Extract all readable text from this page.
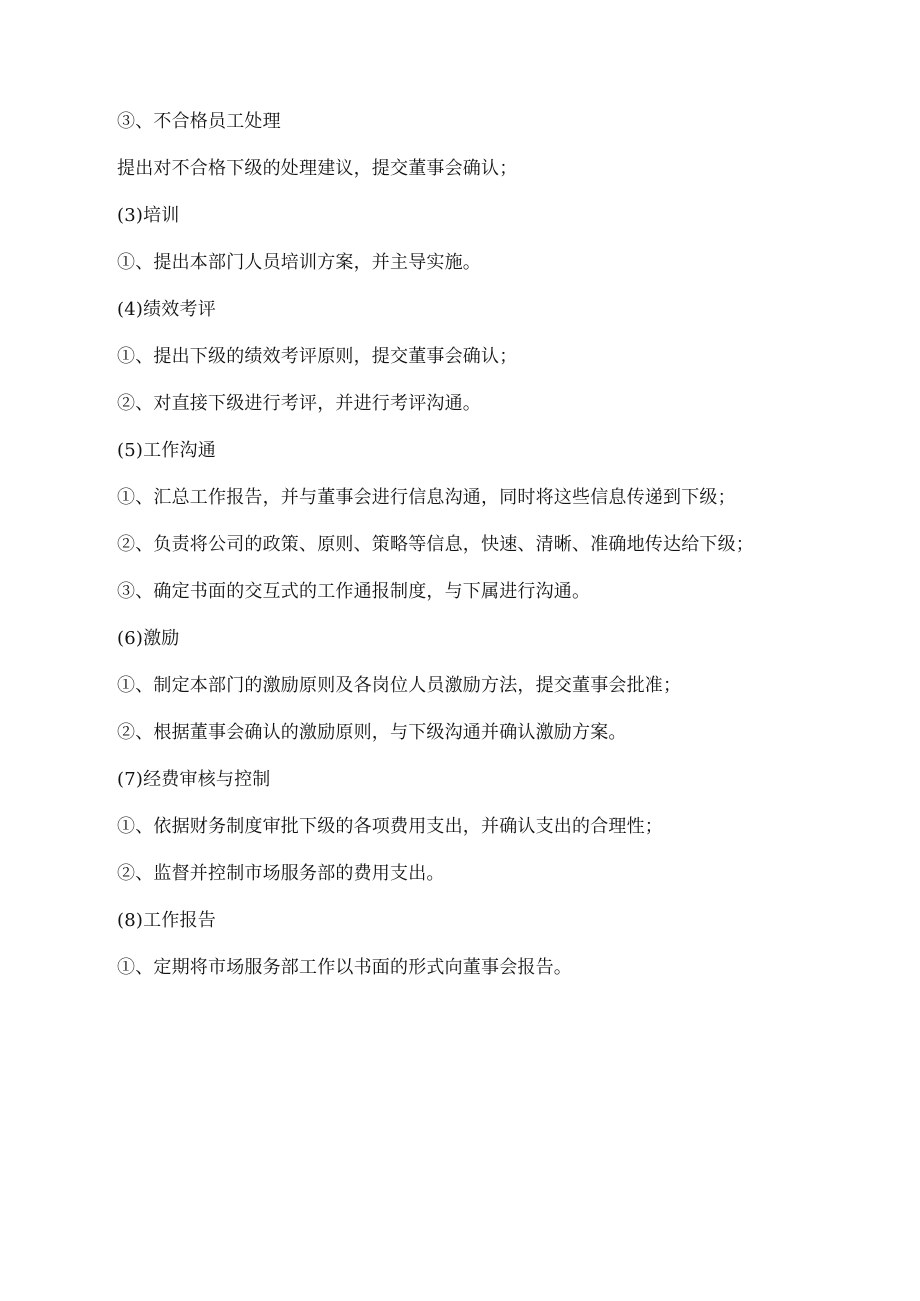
③、不合格员工处理
提出对不合格下级的处理建议，提交董事会确认；
(3)培训
①、提出本部门人员培训方案，并主导实施。
(4)绩效考评
①、提出下级的绩效考评原则，提交董事会确认；
②、对直接下级进行考评，并进行考评沟通。
(5)工作沟通
①、汇总工作报告，并与董事会进行信息沟通，同时将这些信息传递到下级；
②、负责将公司的政策、原则、策略等信息，快速、清晰、准确地传达给下级；
③、确定书面的交互式的工作通报制度，与下属进行沟通。
(6)激励
①、制定本部门的激励原则及各岗位人员激励方法，提交董事会批准；
②、根据董事会确认的激励原则，与下级沟通并确认激励方案。
(7)经费审核与控制
①、依据财务制度审批下级的各项费用支出，并确认支出的合理性；
②、监督并控制市场服务部的费用支出。
(8)工作报告
①、定期将市场服务部工作以书面的形式向董事会报告。
